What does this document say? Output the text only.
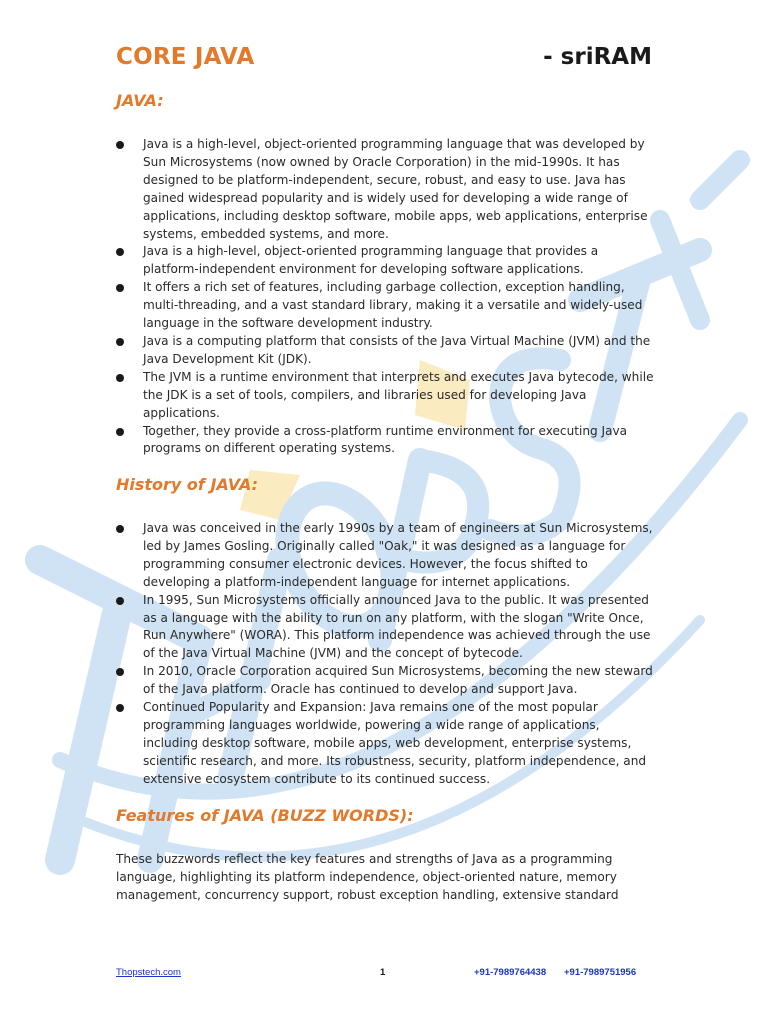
CORE JAVA	- sriRAM
JAVA:
Java is a high-level, object-oriented programming language that was developed by Sun Microsystems (now owned by Oracle Corporation) in the mid-1990s. It has designed to be platform-independent, secure, robust, and easy to use. Java has gained widespread popularity and is widely used for developing a wide range of applications, including desktop software, mobile apps, web applications, enterprise systems, embedded systems, and more.
Java is a high-level, object-oriented programming language that provides a platform-independent environment for developing software applications.
It offers a rich set of features, including garbage collection, exception handling, multi-threading, and a vast standard library, making it a versatile and widely-used language in the software development industry.
Java is a computing platform that consists of the Java Virtual Machine (JVM) and the Java Development Kit (JDK).
The JVM is a runtime environment that interprets and executes Java bytecode, while the JDK is a set of tools, compilers, and libraries used for developing Java applications.
Together, they provide a cross-platform runtime environment for executing Java programs on different operating systems.
History of JAVA:
Java was conceived in the early 1990s by a team of engineers at Sun Microsystems, led by James Gosling. Originally called "Oak," it was designed as a language for programming consumer electronic devices. However, the focus shifted to developing a platform-independent language for internet applications.
In 1995, Sun Microsystems officially announced Java to the public. It was presented as a language with the ability to run on any platform, with the slogan "Write Once, Run Anywhere" (WORA). This platform independence was achieved through the use of the Java Virtual Machine (JVM) and the concept of bytecode.
In 2010, Oracle Corporation acquired Sun Microsystems, becoming the new steward of the Java platform. Oracle has continued to develop and support Java.
Continued Popularity and Expansion: Java remains one of the most popular programming languages worldwide, powering a wide range of applications, including desktop software, mobile apps, web development, enterprise systems, scientific research, and more. Its robustness, security, platform independence, and extensive ecosystem contribute to its continued success.
Features of JAVA (BUZZ WORDS):
These buzzwords reflect the key features and strengths of Java as a programming language, highlighting its platform independence, object-oriented nature, memory management, concurrency support, robust exception handling, extensive standard
Thopstech.com	1	+91-7989764438 +91-7989751956
